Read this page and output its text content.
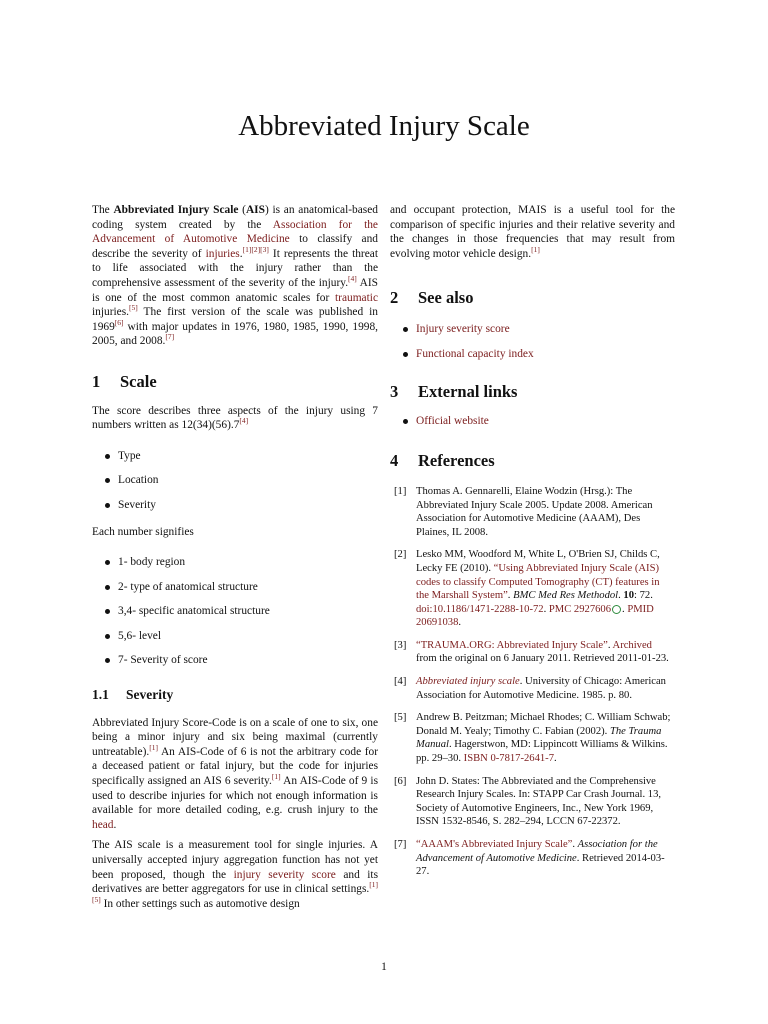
Abbreviated Injury Scale

The Abbreviated Injury Scale (AIS) is an anatomical-based coding system created by the Association for the Advancement of Automotive Medicine to classify and describe the severity of injuries.[1][2][3] It represents the threat to life associated with the injury rather than the comprehensive assessment of the severity of the injury.[4] AIS is one of the most common anatomic scales for traumatic injuries.[5] The first version of the scale was published in 1969[6] with major updates in 1976, 1980, 1985, 1990, 1998, 2005, and 2008.[7]

1 Scale

The score describes three aspects of the injury using 7 numbers written as 12(34)(56).7[4]

Type
Location
Severity

Each number signifies

1- body region
2- type of anatomical structure
3,4- specific anatomical structure
5,6- level
7- Severity of score
1.1 Severity

Abbreviated Injury Score-Code is on a scale of one to six, one being a minor injury and six being maximal (currently untreatable).[1] An AIS-Code of 6 is not the arbitrary code for a deceased patient or fatal injury, but the code for injuries specifically assigned an AIS 6 severity.[1] An AIS-Code of 9 is used to describe injuries for which not enough information is available for more detailed coding, e.g. crush injury to the head.

The AIS scale is a measurement tool for single injuries. A universally accepted injury aggregation function has not yet been proposed, though the injury severity score and its derivatives are better aggregators for use in clinical settings.[1][5] In other settings such as automotive design

and occupant protection, MAIS is a useful tool for the comparison of specific injuries and their relative severity and the changes in those frequencies that may result from evolving motor vehicle design.[1]

2 See also
Injury severity score
Functional capacity index
3 External links
Official website
4 References
[1] Thomas A. Gennarelli, Elaine Wodzin (Hrsg.): The Abbreviated Injury Scale 2005. Update 2008. American Association for Automotive Medicine (AAAM), Des Plaines, IL 2008.

[2] Lesko MM, Woodford M, White L, O'Brien SJ, Childs C, Lecky FE (2010). “Using Abbreviated Injury Scale (AIS) codes to classify Computed Tomography (CT) features in the Marshall System”. BMC Med Res Methodol. 10: 72. doi:10.1186/1471-2288-10-72. PMC 2927606 . PMID 20691038.

[3] “TRAUMA.ORG: Abbreviated Injury Scale”. Archived from the original on 6 January 2011. Retrieved 2011-01-23.

[4] Abbreviated injury scale. University of Chicago: American Association for Automotive Medicine. 1985. p. 80.

[5] Andrew B. Peitzman; Michael Rhodes; C. William Schwab; Donald M. Yealy; Timothy C. Fabian (2002). The Trauma Manual. Hagerstwon, MD: Lippincott Williams & Wilkins. pp. 29–30. ISBN 0-7817-2641-7.

[6] John D. States: The Abbreviated and the Comprehensive Research Injury Scales. In: STAPP Car Crash Journal. 13, Society of Automotive Engineers, Inc., New York 1969, ISSN 1532-8546, S. 282–294, LCCN 67-22372.

[7] “AAAM's Abbreviated Injury Scale”. Association for the Advancement of Automotive Medicine. Retrieved 2014-03-27.

1
